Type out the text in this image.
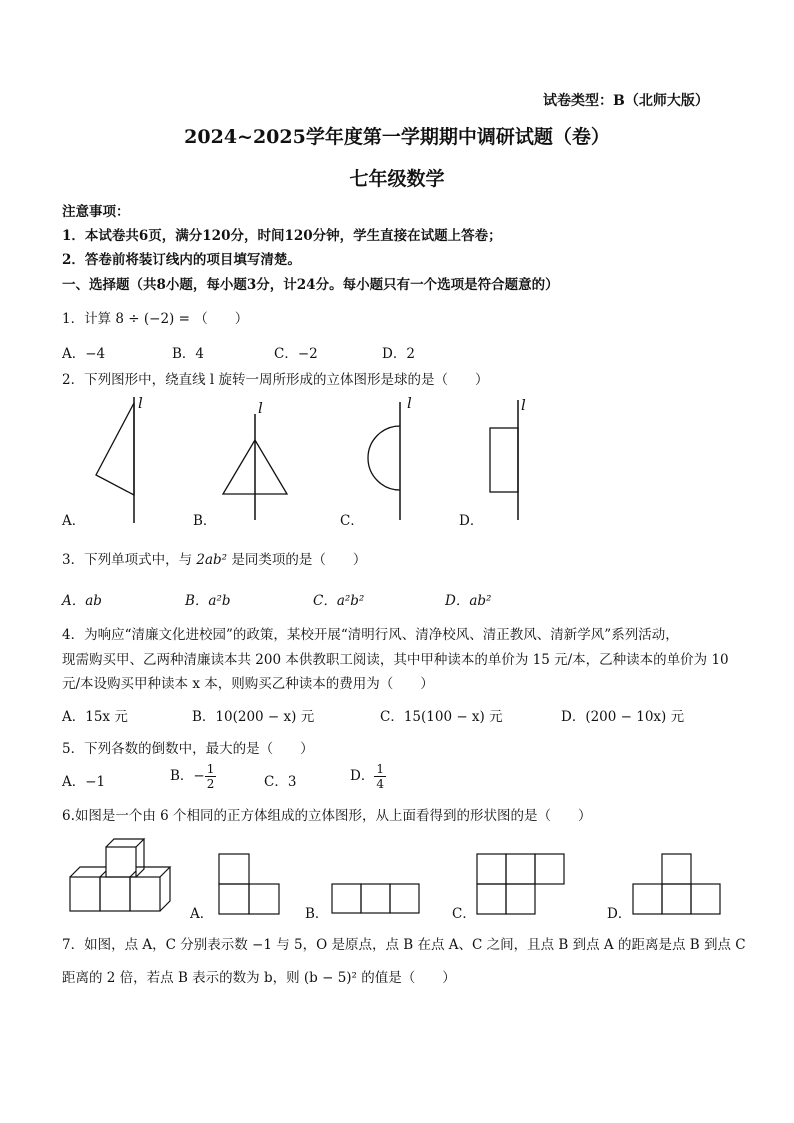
试卷类型：B（北师大版）
2024~2025学年度第一学期期中调研试题（卷）
七年级数学
注意事项：
1．本试卷共6页，满分120分，时间120分钟，学生直接在试题上答卷；
2．答卷前将装订线内的项目填写清楚。
一、选择题（共8小题，每小题3分，计24分。每小题只有一个选项是符合题意的）
1．计算 8 ÷ (−2) = （　　）
A．−4	B．4	C．−2	D．2
2．下列图形中，绕直线 l 旋转一周所形成的立体图形是球的是（　　）
l
A．
l
B．
l
C．
l
D．
3．下列单项式中，与 2ab² 是同类项的是（　　）
A．ab	B．a²b	C．a²b²	D．ab²
4．为响应“清廉文化进校园”的政策，某校开展“清明行风、清净校风、清正教风、清新学风”系列活动，
现需购买甲、乙两种清廉读本共 200 本供教职工阅读，其中甲种读本的单价为 15 元/本，乙种读本的单价为 10
元/本设购买甲种读本 x 本，则购买乙种读本的费用为（　　）
A．15x 元	B．10(200 − x) 元	C．15(100 − x) 元	D．(200 − 10x) 元
5．下列各数的倒数中，最大的是（　　）
A．−1	B．− $\frac{1}{2}$	C．3	D． $\frac{1}{4}$
6.如图是一个由 6 个相同的正方体组成的立体图形，从上面看得到的形状图的是（　　）
A．	B．	C．	D．
7．如图，点 A，C 分别表示数 −1 与 5，O 是原点，点 B 在点 A、C 之间，且点 B 到点 A 的距离是点 B 到点 C
距离的 2 倍，若点 B 表示的数为 b，则 (b − 5)² 的值是（　　）
